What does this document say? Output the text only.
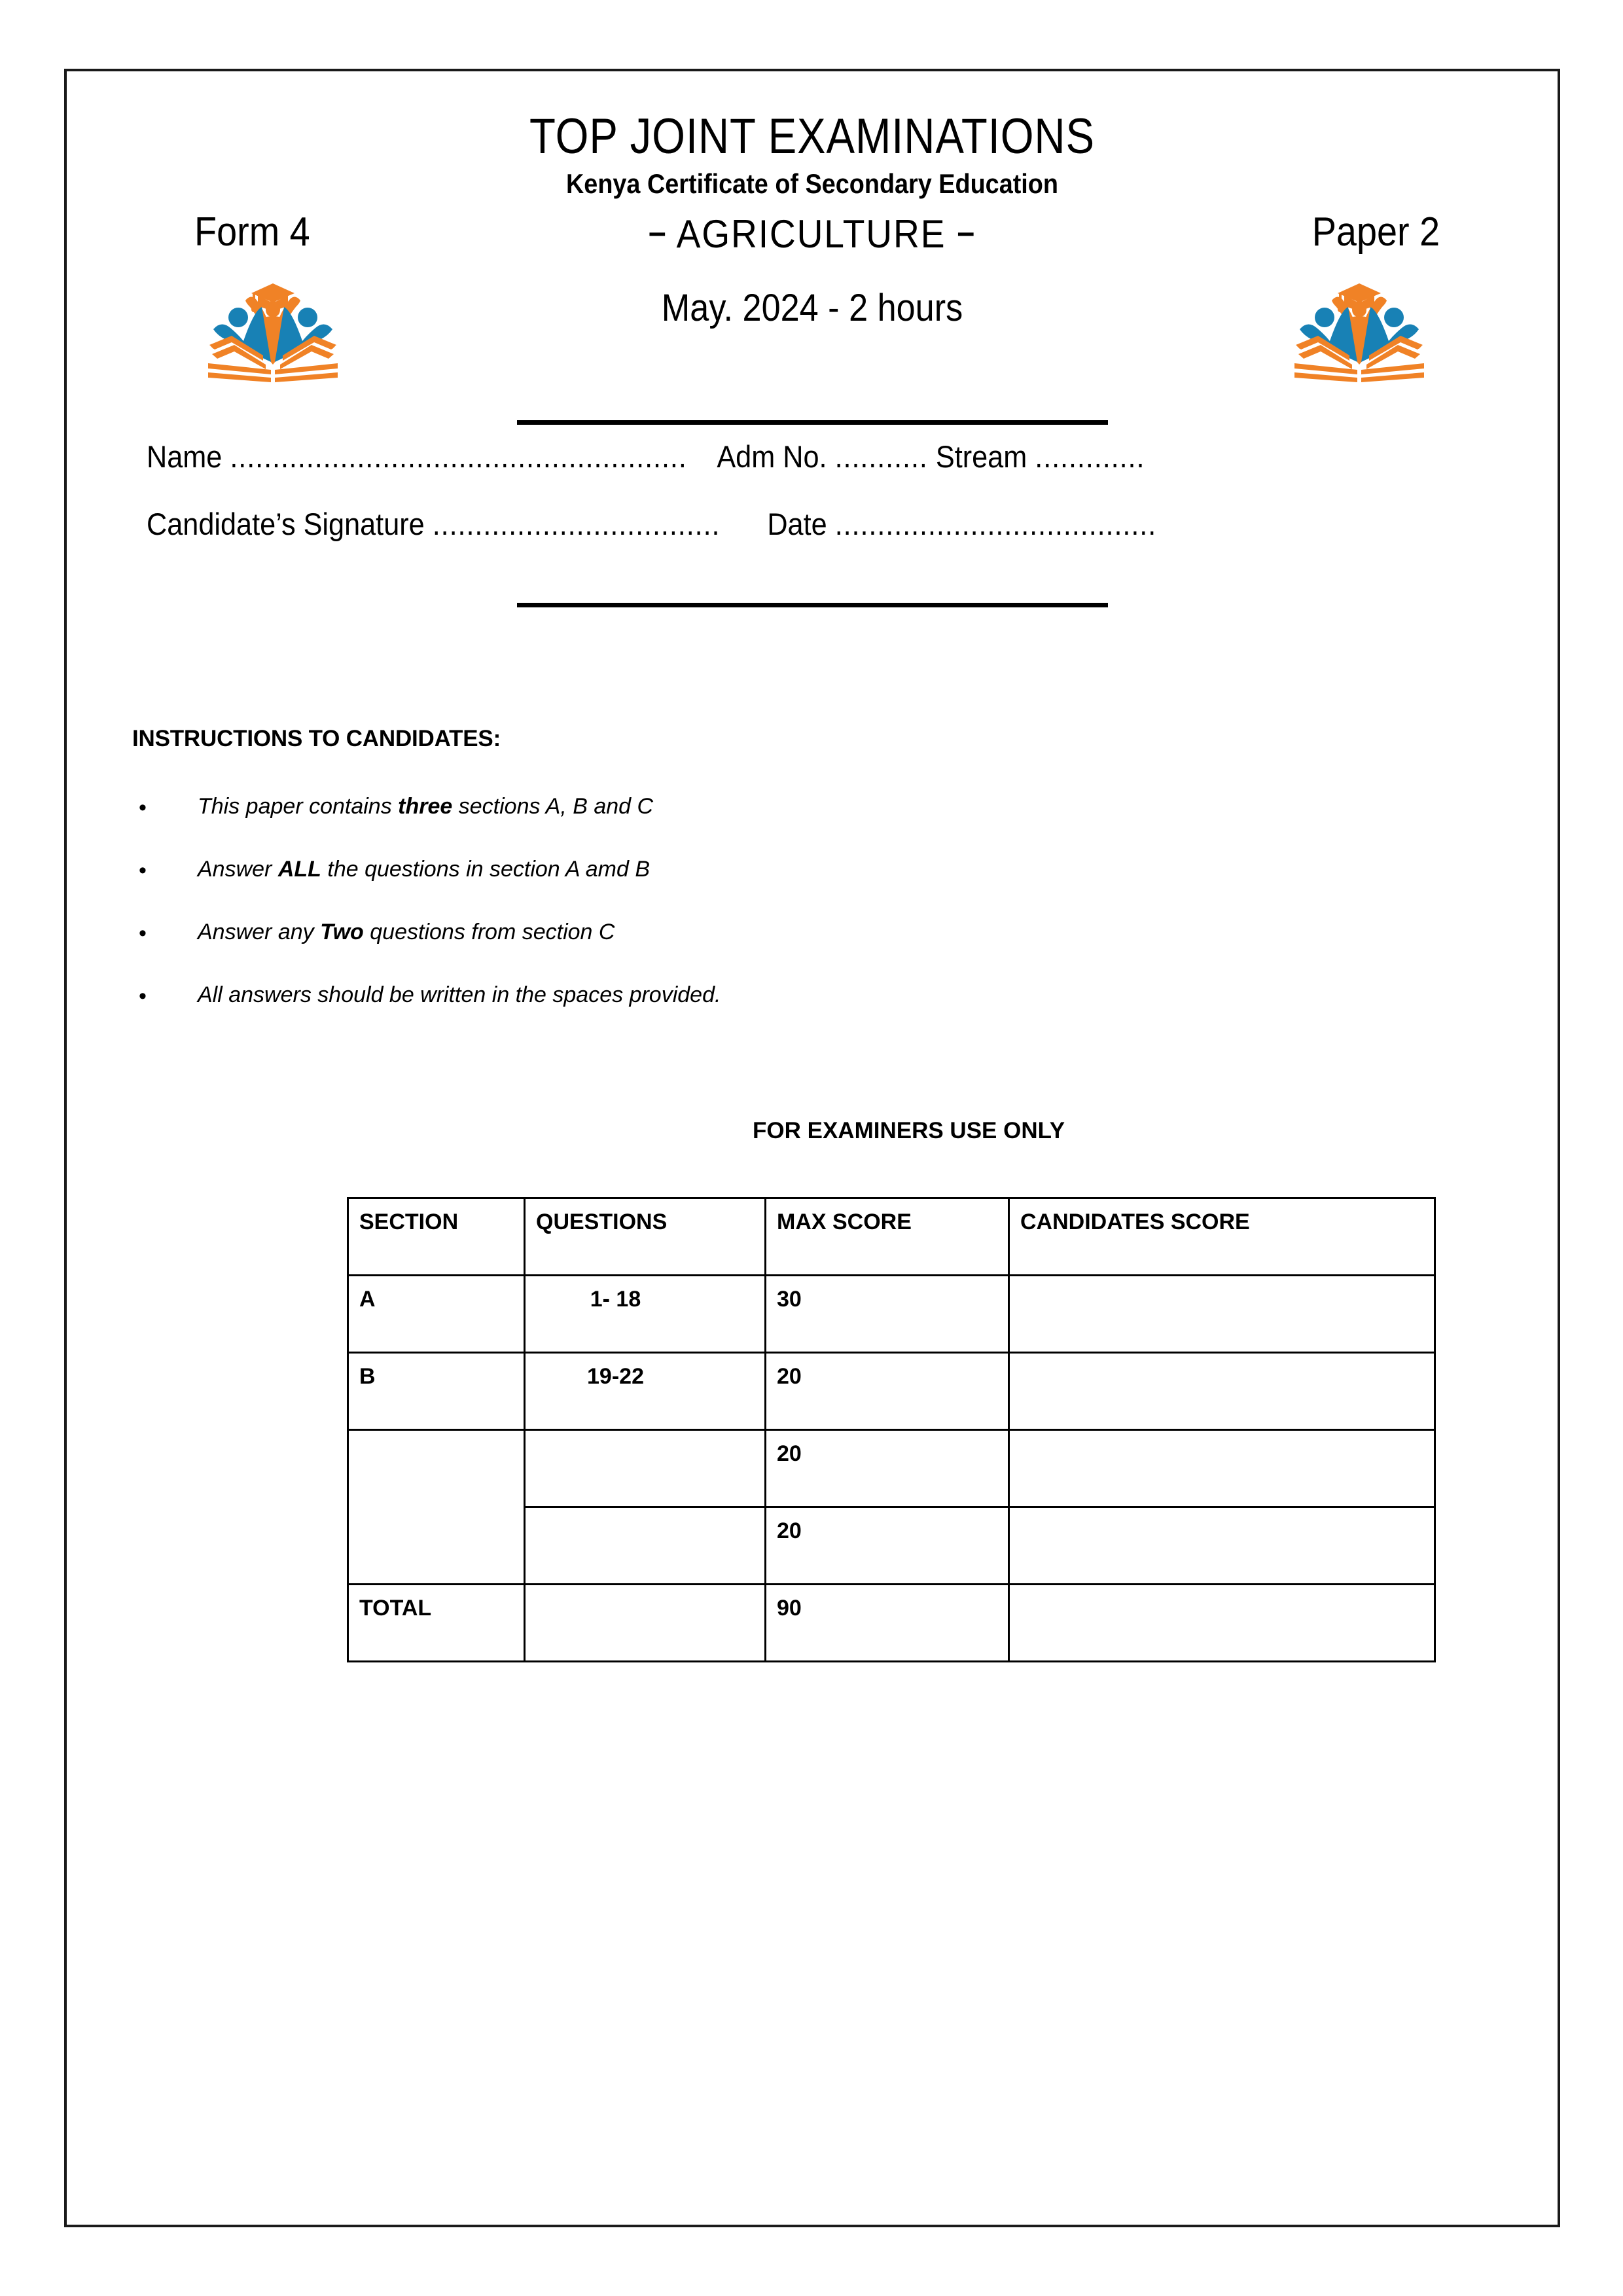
TOP JOINT EXAMINATIONS
Kenya Certificate of Secondary Education
Form 4	Paper 2
– AGRICULTURE –
May. 2024 - 2 hours
Name ...................................................... Adm No. ........... Stream .............
Candidate’s Signature .................................. Date ......................................
INSTRUCTIONS TO CANDIDATES:
• This paper contains three sections A, B and C
• Answer ALL the questions in section A amd B
• Answer any Two questions from section C
• All answers should be written in the spaces provided.
FOR EXAMINERS USE ONLY
SECTION	QUESTIONS	MAX SCORE	CANDIDATES SCORE
A	1- 18	30	
B	19-22	20	
		20	
		20	
TOTAL		90	
